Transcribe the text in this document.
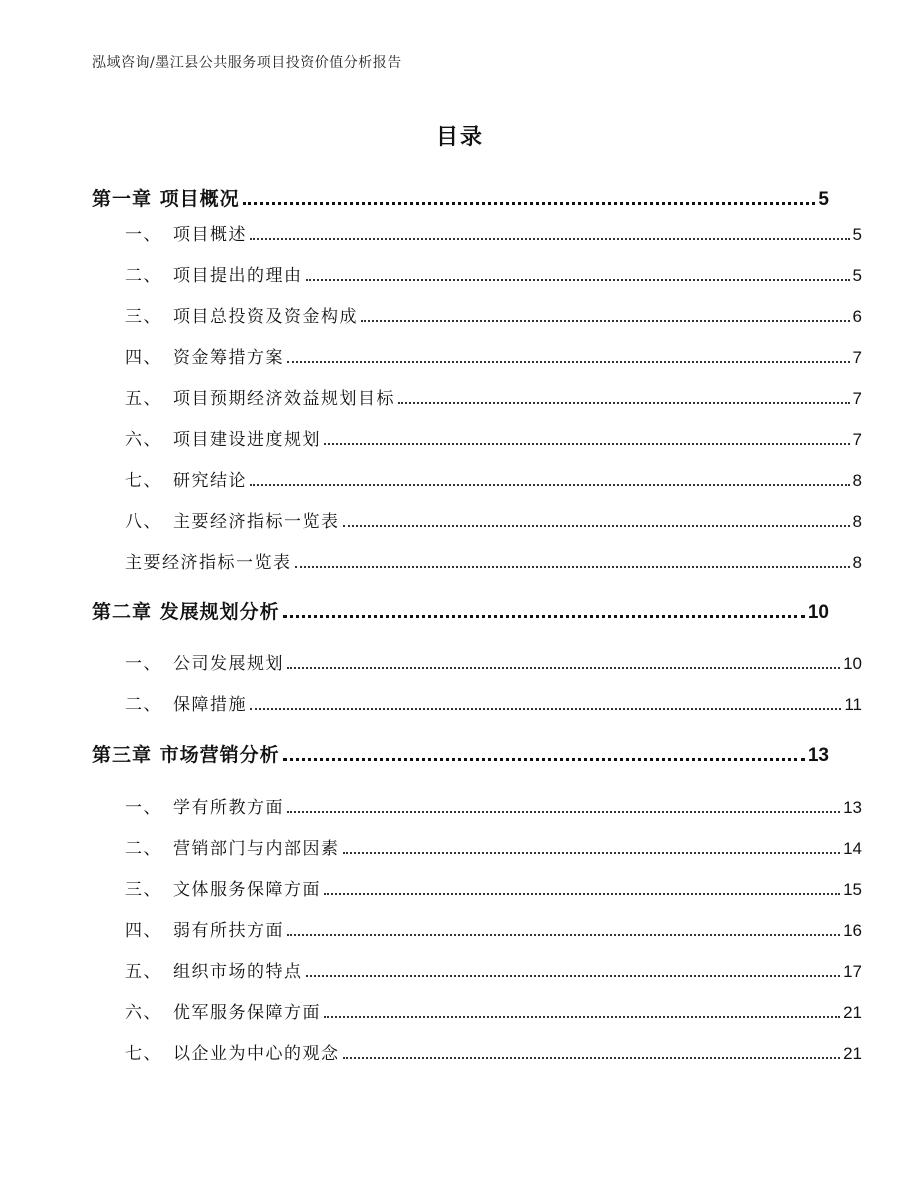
泓域咨询/墨江县公共服务项目投资价值分析报告
目录
第一章 项目概况	5
一、 项目概述	5
二、 项目提出的理由	5
三、 项目总投资及资金构成	6
四、 资金筹措方案	7
五、 项目预期经济效益规划目标	7
六、 项目建设进度规划	7
七、 研究结论	8
八、 主要经济指标一览表	8
主要经济指标一览表	8
第二章 发展规划分析	10
一、 公司发展规划	10
二、 保障措施	11
第三章 市场营销分析	13
一、 学有所教方面	13
二、 营销部门与内部因素	14
三、 文体服务保障方面	15
四、 弱有所扶方面	16
五、 组织市场的特点	17
六、 优军服务保障方面	21
七、 以企业为中心的观念	21
